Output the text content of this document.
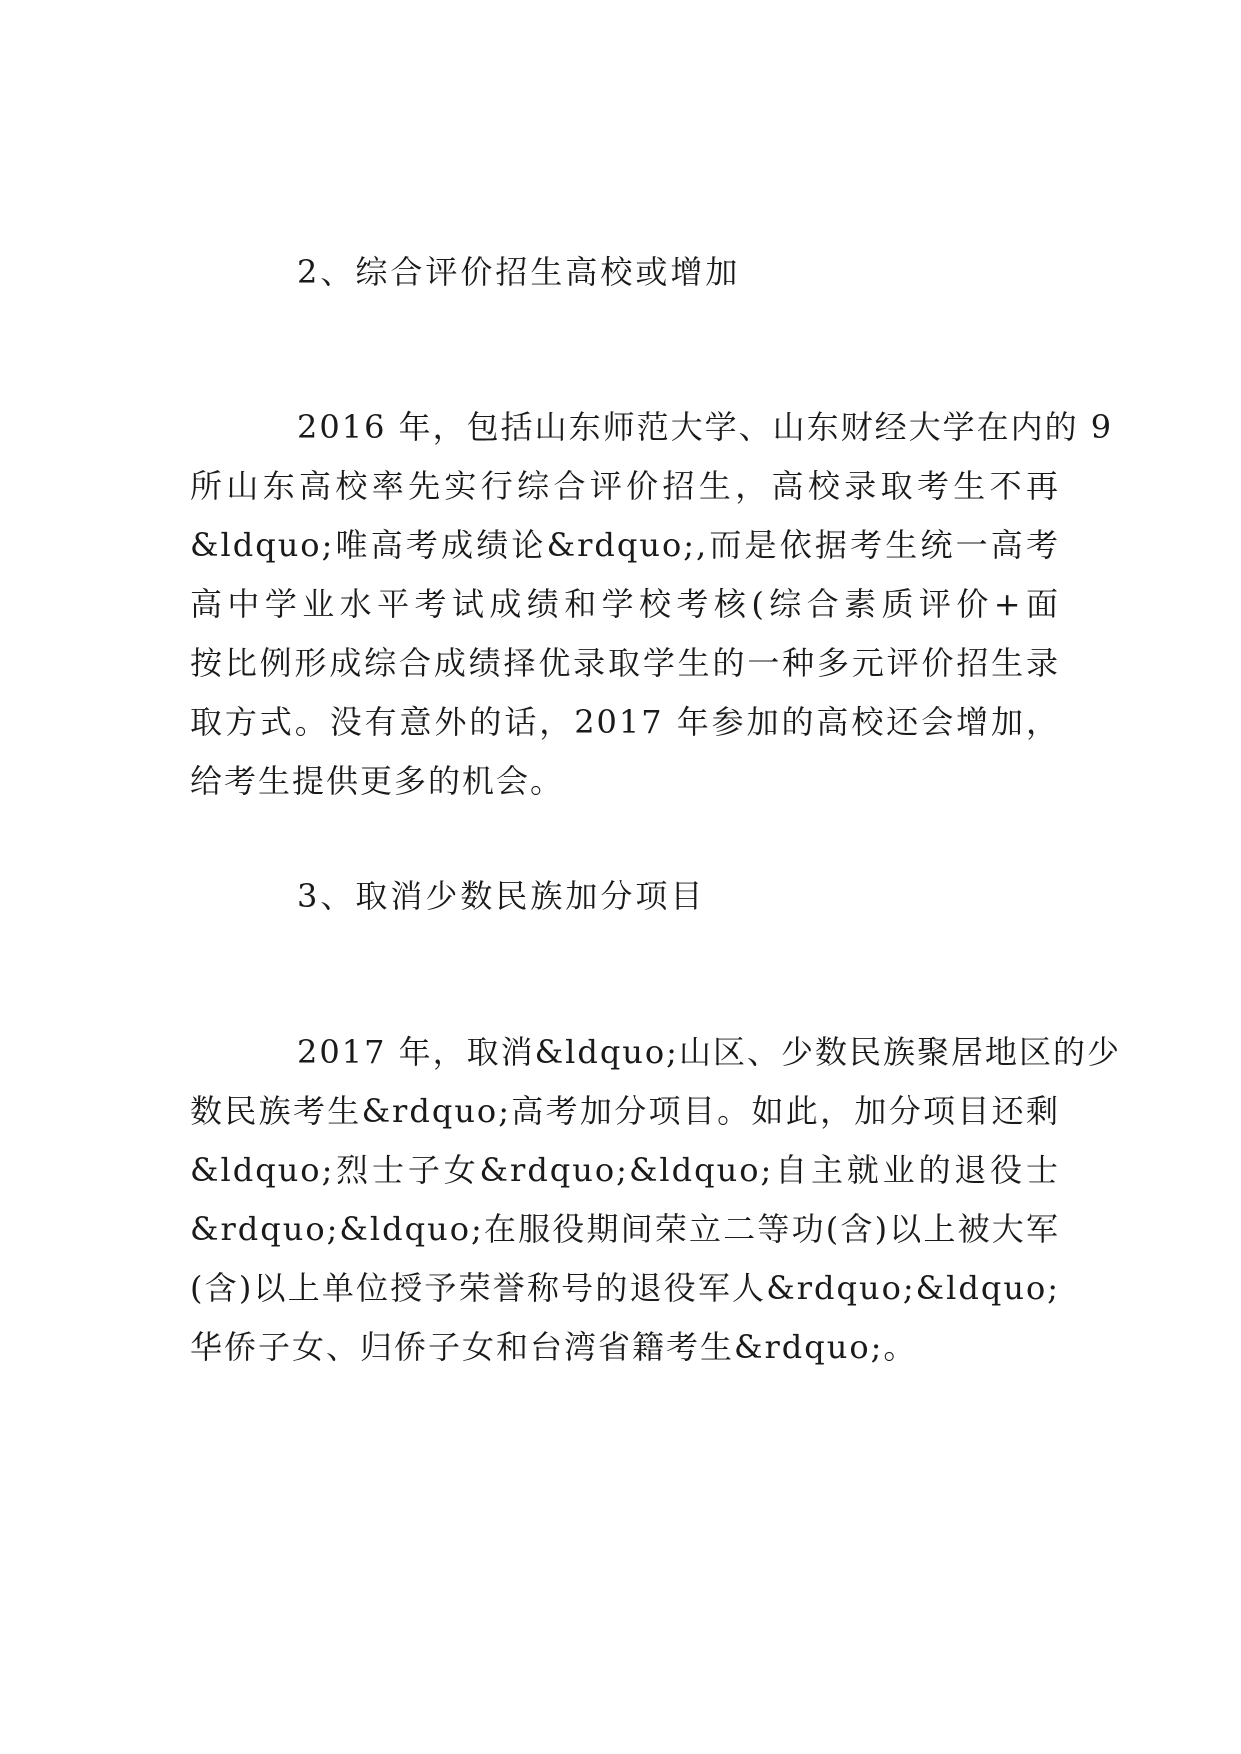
2、综合评价招生高校或增加
2016 年，包括山东师范大学、山东财经大学在内的 9
所山东高校率先实行综合评价招生，高校录取考生不再
&ldquo;唯高考成绩论&rdquo;,而是依据考生统一高考
高中学业水平考试成绩和学校考核(综合素质评价+面
按比例形成综合成绩择优录取学生的一种多元评价招生录
取方式。没有意外的话，2017 年参加的高校还会增加，
给考生提供更多的机会。
3、取消少数民族加分项目
2017 年，取消&ldquo;山区、少数民族聚居地区的少
数民族考生&rdquo;高考加分项目。如此，加分项目还剩
&ldquo;烈士子女&rdquo;&ldquo;自主就业的退役士
&rdquo;&ldquo;在服役期间荣立二等功(含)以上被大军
(含)以上单位授予荣誉称号的退役军人&rdquo;&ldquo;
华侨子女、归侨子女和台湾省籍考生&rdquo;。
